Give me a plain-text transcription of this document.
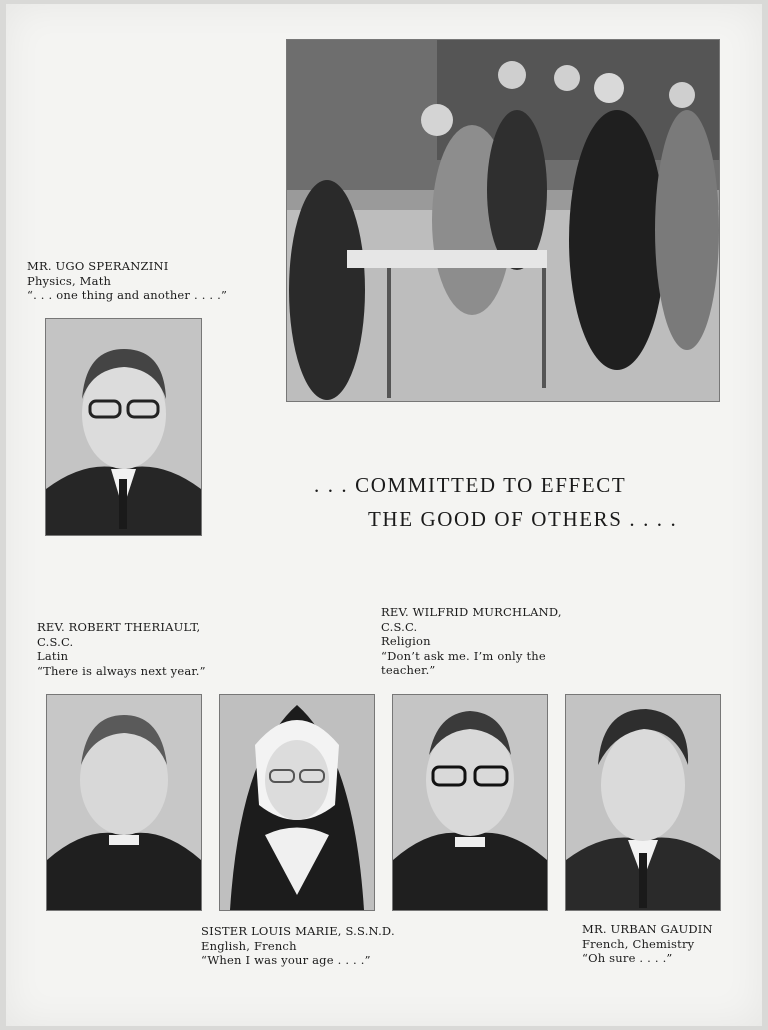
MR. UGO SPERANZINI
Physics, Math
“. . . one thing and another . . . .”
. . . COMMITTED TO EFFECT
THE GOOD OF OTHERS . . . .
REV. ROBERT THERIAULT,
C.S.C.
Latin
“There is always next year.”
REV. WILFRID MURCHLAND,
C.S.C.
Religion
“Don’t ask me. I’m only the
teacher.”
SISTER LOUIS MARIE, S.S.N.D.
English, French
“When I was your age . . . .”
MR. URBAN GAUDIN
French, Chemistry
“Oh sure . . . .”
